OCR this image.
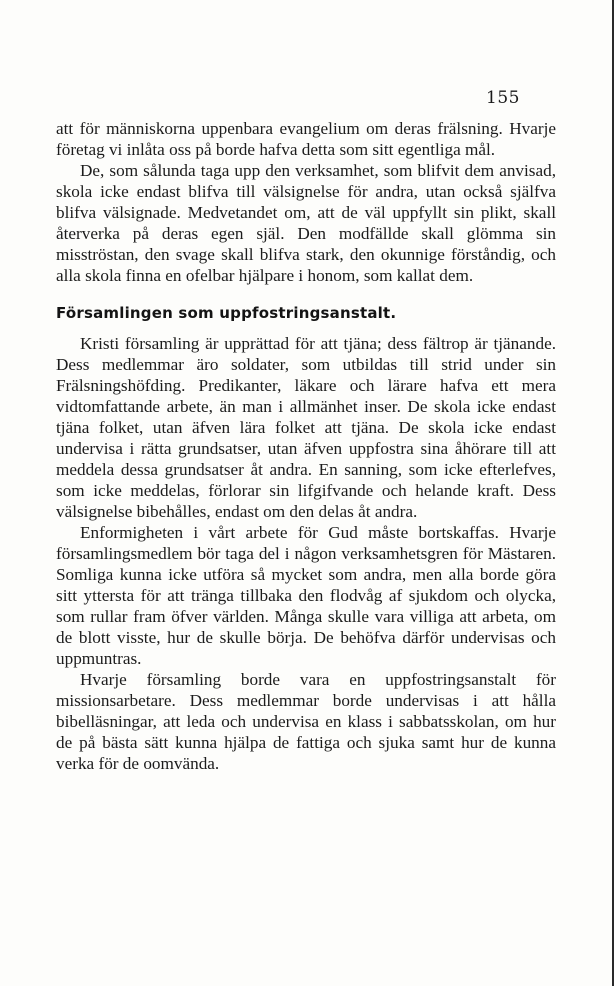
155

att för människorna uppenbara evangelium om deras frälsning. Hvarje företag vi inlåta oss på borde hafva detta som sitt egentliga mål.

De, som sålunda taga upp den verksamhet, som blifvit dem anvisad, skola icke endast blifva till välsignelse för andra, utan också själfva blifva välsignade. Medvetandet om, att de väl uppfyllt sin plikt, skall återverka på deras egen själ. Den modfällde skall glömma sin misströstan, den svage skall blifva stark, den okunnige förståndig, och alla skola finna en ofelbar hjälpare i honom, som kallat dem.

Församlingen som uppfostringsanstalt.

Kristi församling är upprättad för att tjäna; dess fältrop är tjänande. Dess medlemmar äro soldater, som utbildas till strid under sin Frälsningshöfding. Predikanter, läkare och lärare hafva ett mera vidtomfattande arbete, än man i allmänhet inser. De skola icke endast tjäna folket, utan äfven lära folket att tjäna. De skola icke endast undervisa i rätta grundsatser, utan äfven uppfostra sina åhörare till att meddela dessa grundsatser åt andra. En sanning, som icke efterlefves, som icke meddelas, förlorar sin lifgifvande och helande kraft. Dess välsignelse bibehålles, endast om den delas åt andra.

Enformigheten i vårt arbete för Gud måste bortskaffas. Hvarje församlingsmedlem bör taga del i någon verksamhetsgren för Mästaren. Somliga kunna icke utföra så mycket som andra, men alla borde göra sitt yttersta för att tränga tillbaka den flodvåg af sjukdom och olycka, som rullar fram öfver världen. Många skulle vara villiga att arbeta, om de blott visste, hur de skulle börja. De behöfva därför undervisas och uppmuntras.

Hvarje församling borde vara en uppfostringsanstalt för missionsarbetare. Dess medlemmar borde undervisas i att hålla bibelläsningar, att leda och undervisa en klass i sabbatsskolan, om hur de på bästa sätt kunna hjälpa de fattiga och sjuka samt hur de kunna verka för de oomvända.
